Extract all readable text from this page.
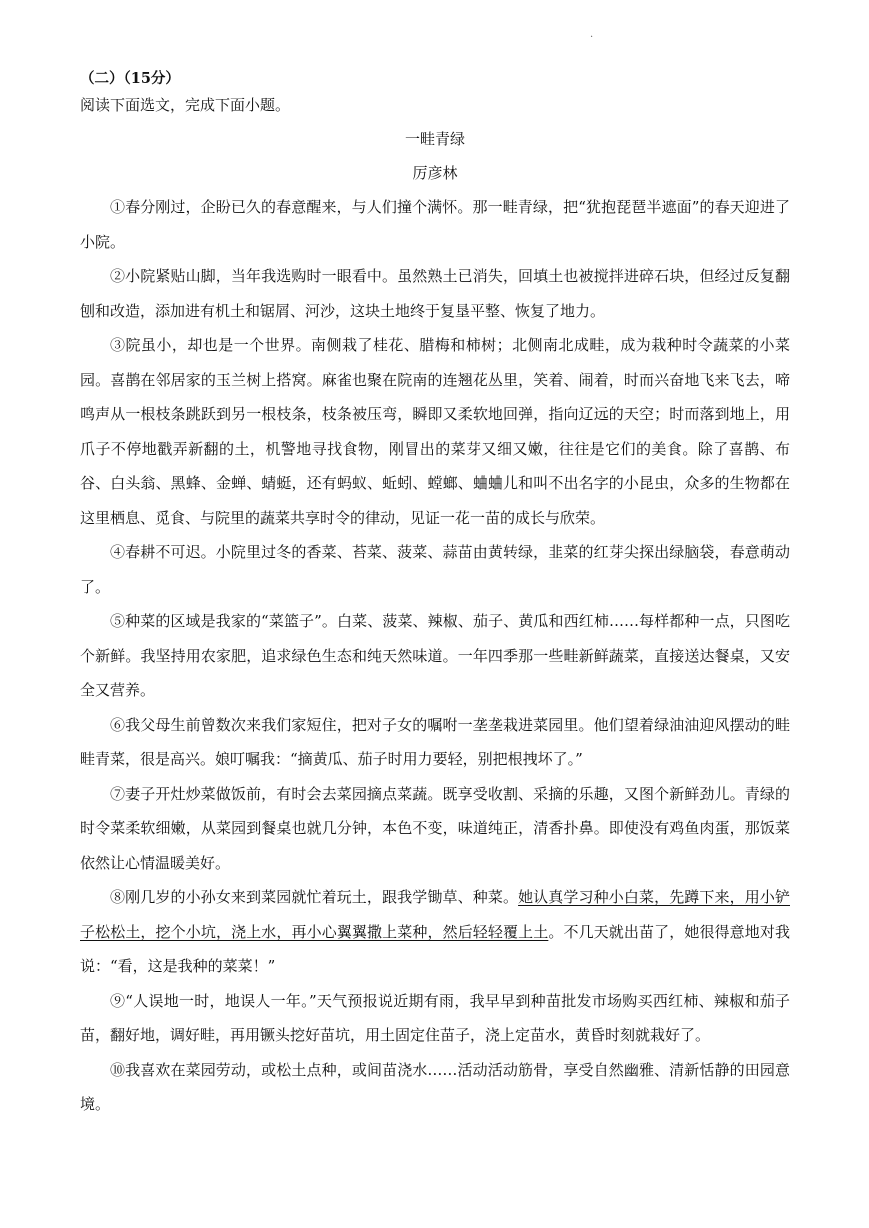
.
（二）（15分）
阅读下面选文，完成下面小题。
一畦青绿
厉彦林

①春分刚过，企盼已久的春意醒来，与人们撞个满怀。那一畦青绿，把“犹抱琵琶半遮面”的春天迎进了小院。

②小院紧贴山脚，当年我选购时一眼看中。虽然熟土已消失，回填土也被搅拌进碎石块，但经过反复翻刨和改造，添加进有机土和锯屑、河沙，这块土地终于复垦平整、恢复了地力。

③院虽小，却也是一个世界。南侧栽了桂花、腊梅和柿树；北侧南北成畦，成为栽种时令蔬菜的小菜园。喜鹊在邻居家的玉兰树上搭窝。麻雀也聚在院南的连翘花丛里，笑着、闹着，时而兴奋地飞来飞去，啼鸣声从一根枝条跳跃到另一根枝条，枝条被压弯，瞬即又柔软地回弹，指向辽远的天空；时而落到地上，用爪子不停地戳弄新翻的土，机警地寻找食物，刚冒出的菜芽又细又嫩，往往是它们的美食。除了喜鹊、布谷、白头翁、黑蜂、金蝉、蜻蜓，还有蚂蚁、蚯蚓、螳螂、蛐蛐儿和叫不出名字的小昆虫，众多的生物都在这里栖息、觅食、与院里的蔬菜共享时令的律动，见证一花一苗的成长与欣荣。

④春耕不可迟。小院里过冬的香菜、苔菜、菠菜、蒜苗由黄转绿，韭菜的红芽尖探出绿脑袋，春意萌动了。

⑤种菜的区域是我家的“菜篮子”。白菜、菠菜、辣椒、茄子、黄瓜和西红柿……每样都种一点，只图吃个新鲜。我坚持用农家肥，追求绿色生态和纯天然味道。一年四季那一些畦新鲜蔬菜，直接送达餐桌，又安全又营养。

⑥我父母生前曾数次来我们家短住，把对子女的嘱咐一垄垄栽进菜园里。他们望着绿油油迎风摆动的畦畦青菜，很是高兴。娘叮嘱我：“摘黄瓜、茄子时用力要轻，别把根拽坏了。”

⑦妻子开灶炒菜做饭前，有时会去菜园摘点菜蔬。既享受收割、采摘的乐趣，又图个新鲜劲儿。青绿的时令菜柔软细嫩，从菜园到餐桌也就几分钟，本色不变，味道纯正，清香扑鼻。即使没有鸡鱼肉蛋，那饭菜依然让心情温暖美好。

⑧刚几岁的小孙女来到菜园就忙着玩土，跟我学锄草、种菜。她认真学习种小白菜，先蹲下来，用小铲子松松土，挖个小坑，浇上水，再小心翼翼撒上菜种，然后轻轻覆上土。不几天就出苗了，她很得意地对我说：“看，这是我种的菜菜！”

⑨“人误地一时，地误人一年。”天气预报说近期有雨，我早早到种苗批发市场购买西红柿、辣椒和茄子苗，翻好地，调好畦，再用镢头挖好苗坑，用土固定住苗子，浇上定苗水，黄昏时刻就栽好了。

⑩我喜欢在菜园劳动，或松土点种，或间苗浇水……活动活动筋骨，享受自然幽雅、清新恬静的田园意境。
